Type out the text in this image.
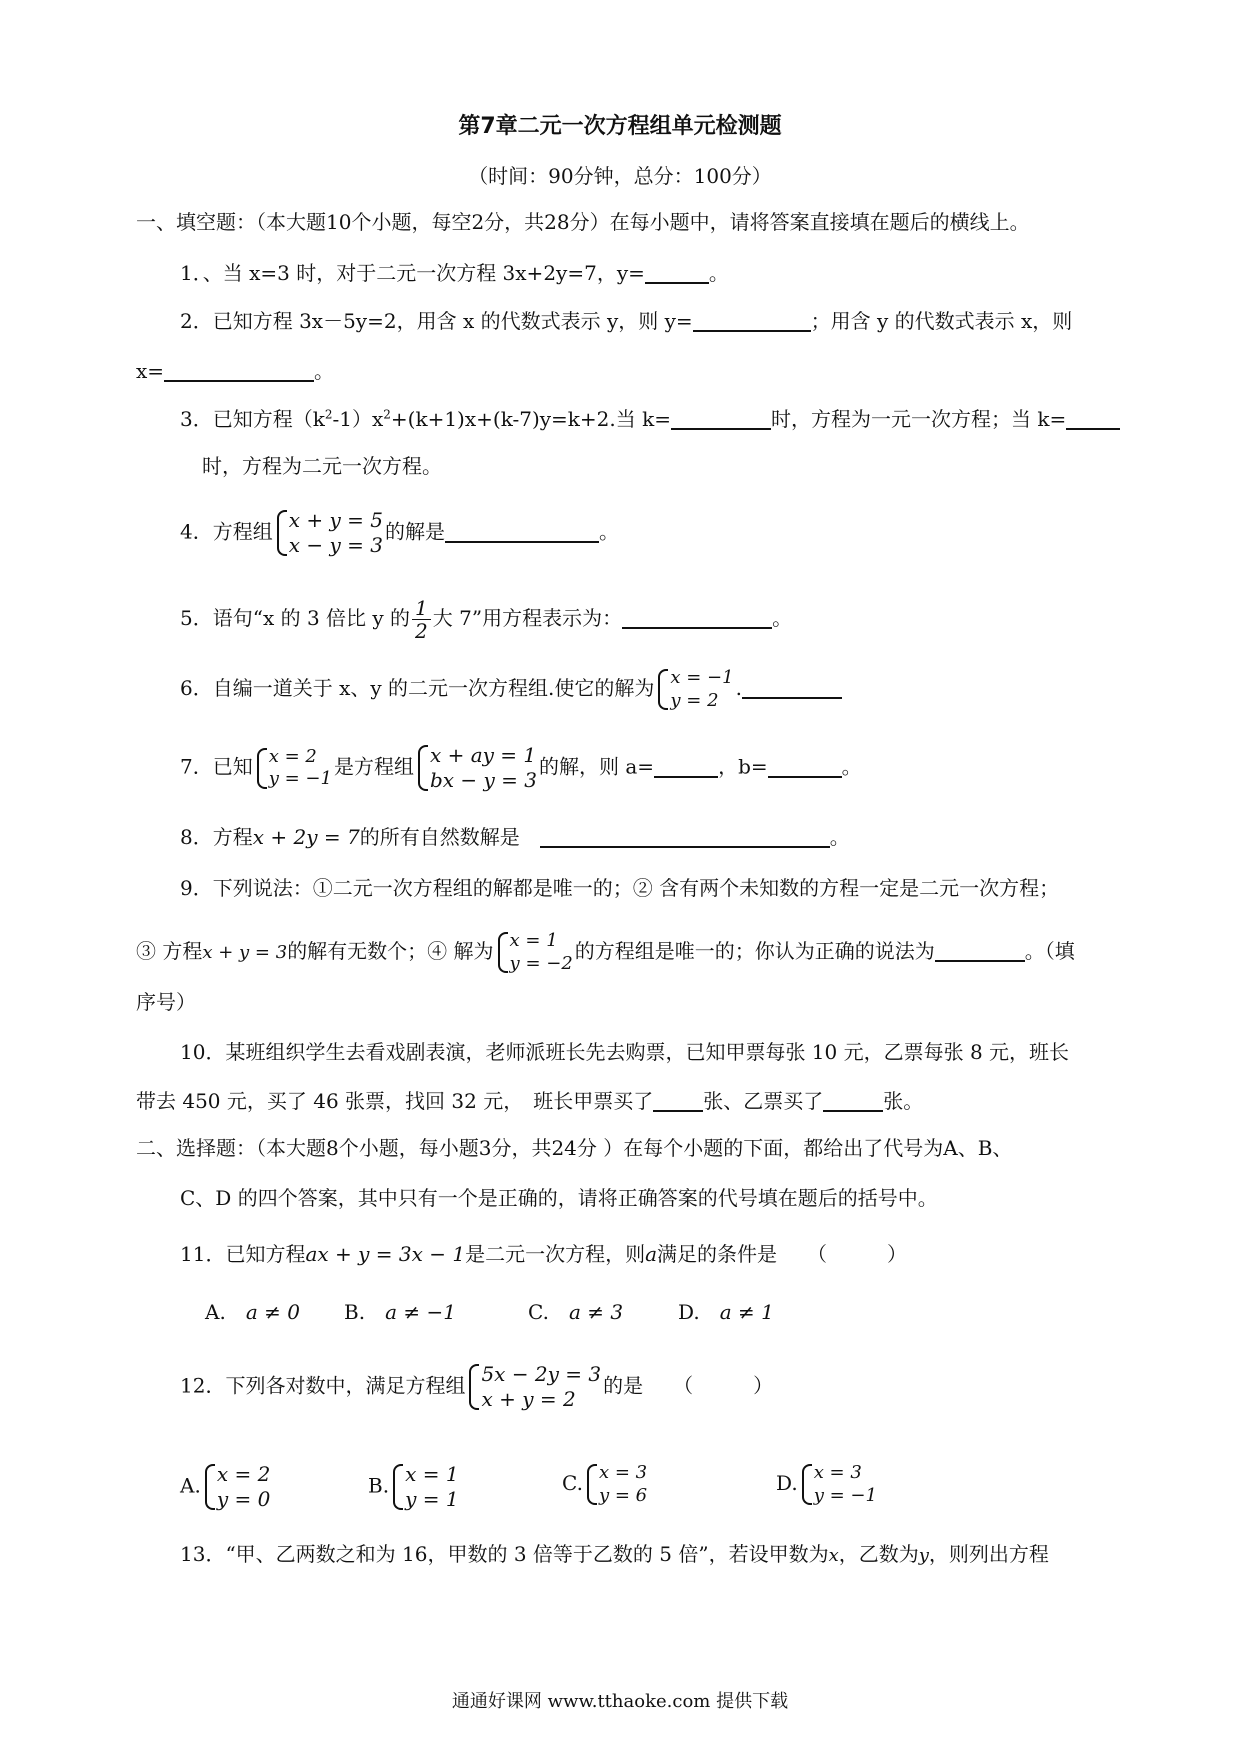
第7章二元一次方程组单元检测题
（时间：90分钟，总分：100分）
一、填空题：（本大题10个小题，每空2分，共28分）在每小题中，请将答案直接填在题后的横线上。
1．、当 x=3 时，对于二元一次方程 3x+2y=7，y=	。
2．已知方程 3x－5y=2，用含 x 的代数式表示 y，则 y=	；用含 y 的代数式表示 x，则
x=	。
3．已知方程$(k^2-1)x^2+(k+1)x+(k-7)y=k+2$.当 k=	时，方程为一元一次方程；当 k=
时，方程为二元一次方程。
4．方程组 x + y = 5
x − y = 3
的解是	。
5．语句“x 的 3 倍比 y 的 $\frac{1}{2}$ 大 7”用方程表示为：	。
6．自编一道关于 x、y 的二元一次方程组.使它的解为 x = −1
y = 2 .
7．已知 x = 2
y = −1 是方程组 x + ay = 1
bx − y = 3
的解，则 a=	，b=	。
8．方程x + 2y = 7的所有自然数解是　	。
9．下列说法：①二元一次方程组的解都是唯一的；② 含有两个未知数的方程一定是二元一次方程；
③ 方程x + y = 3的解有无数个；④ 解为 x = 1
y = −2 的方程组是唯一的；你认为正确的说法为	。（填
序号）
10．某班组织学生去看戏剧表演，老师派班长先去购票，已知甲票每张 10 元，乙票每张 8 元，班长
带去 450 元，买了 46 张票，找回 32 元，　班长甲票买了	张、乙票买了	张。
二、选择题：（本大题8个小题，每小题3分，共24分 ）在每个小题的下面，都给出了代号为A、B、
C、D 的四个答案，其中只有一个是正确的，请将正确答案的代号填在题后的括号中。
11．已知方程ax + y = 3x − 1是二元一次方程，则a满足的条件是　　 （　　　）
A.　 a ≠ 0 B.　 a ≠ −1	C.　 a ≠ 3	D.　 a ≠ 1
12．下列各对数中，满足方程组 5x − 2y = 3
x + y = 2
的是　　 （　　　）
A. x = 2
y = 0
B. x = 1
y = 1
C. x = 3
y = 6	D. x = 3
y = −1
13．“甲、乙两数之和为 16，甲数的 3 倍等于乙数的 5 倍”，若设甲数为x，乙数为y，则列出方程
通通好课网 www.tthaoke.com 提供下载
